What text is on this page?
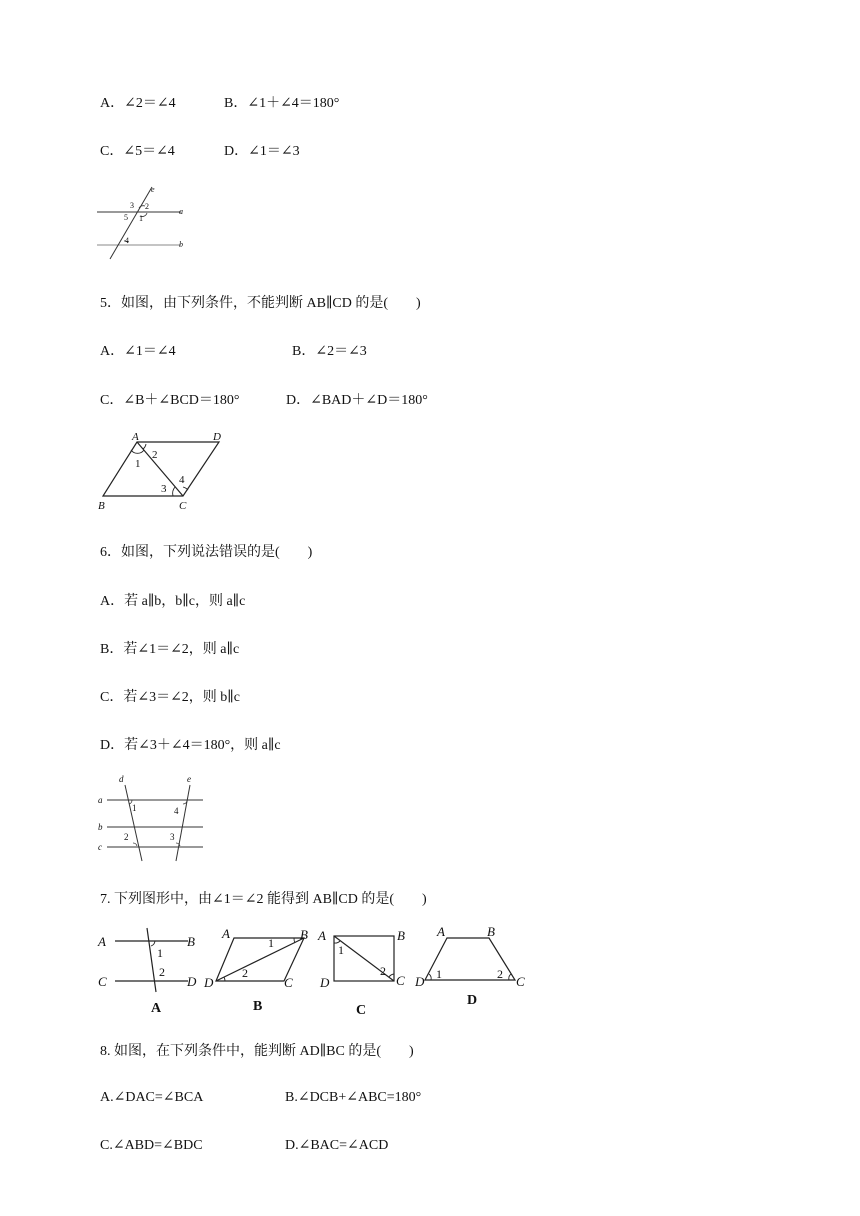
A．∠2＝∠4	B．∠1＋∠4＝180°
C．∠5＝∠4	D．∠1＝∠3
e
a
b
3 2
5 1
4
5．如图，由下列条件，不能判断 AB∥CD 的是(　　)
A．∠1＝∠4	B．∠2＝∠3
C．∠B＋∠BCD＝180°	D．∠BAD＋∠D＝180°
A	D
B	C
1
2
3
4
6．如图，下列说法错误的是(　　)
A．若 a∥b，b∥c，则 a∥c
B．若∠1＝∠2，则 a∥c
C．若∠3＝∠2，则 b∥c
D．若∠3＋∠4＝180°，则 a∥c
d	e
a
b
c
1	4
2	3
7. 下列图形中，由∠1＝∠2 能得到 AB∥CD 的是(　　)
A	B
C	D
1
2
A
A	B
D	C
1
2
B
A	B
D	C
1
2
C
A	B
D	C
1	2
D
8. 如图，在下列条件中，能判断 AD∥BC 的是(　　)
A.∠DAC=∠BCA	B.∠DCB+∠ABC=180°
C.∠ABD=∠BDC	D.∠BAC=∠ACD
